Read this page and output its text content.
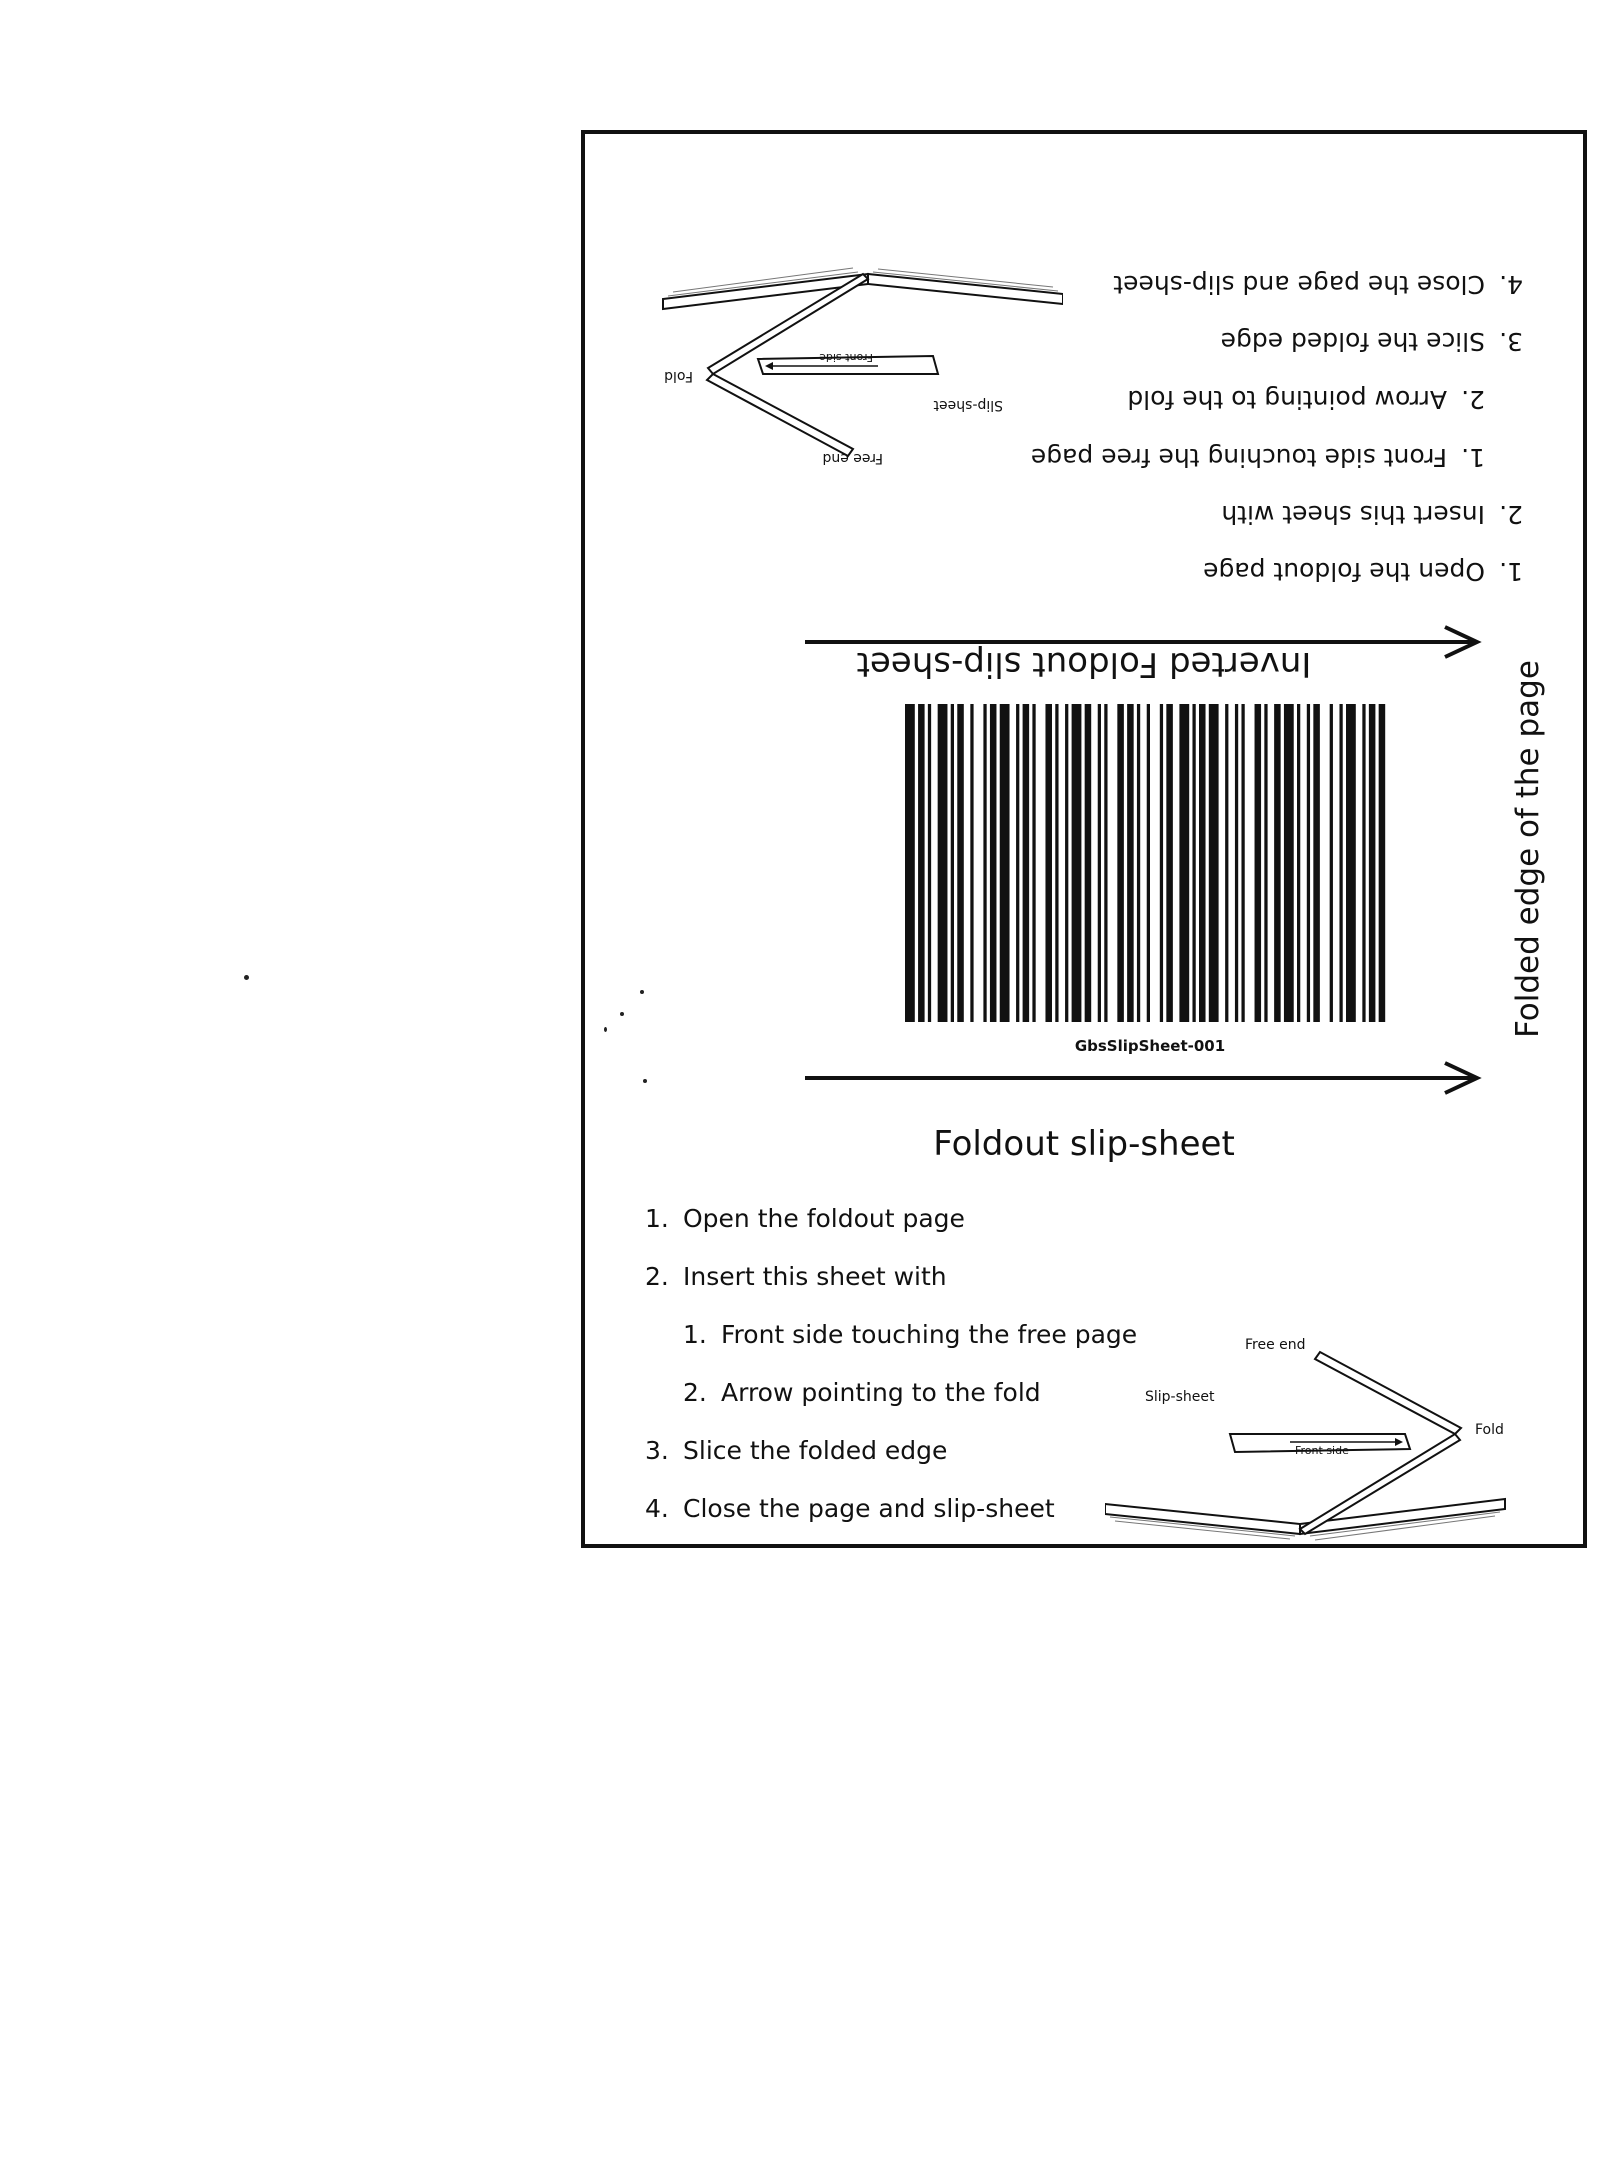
Inverted Foldout slip-sheet
1.Open the foldout page
2.Insert this sheet with
1.Front side touching the free page
2.Arrow pointing to the fold
3.Slice the folded edge
4.Close the page and slip-sheet
Free end
Slip-sheet
Fold
Front side
GbsSlipSheet-001
Folded edge of the page
Foldout slip-sheet
1. Open the foldout page
2. Insert this sheet with
1. Front side touching the free page
2. Arrow pointing to the fold
3. Slice the folded edge
4. Close the page and slip-sheet
Free end
Slip-sheet
Fold
Front side
